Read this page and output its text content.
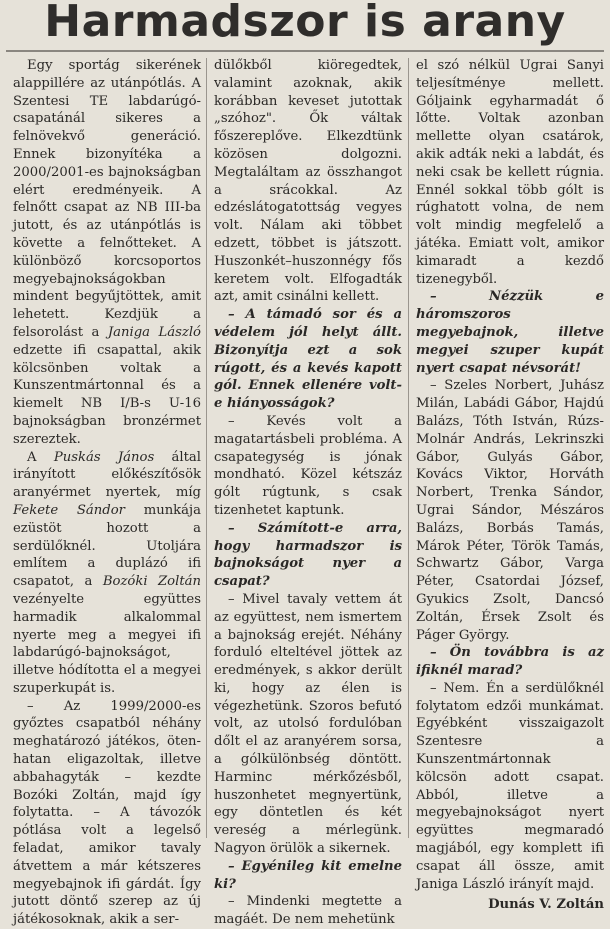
Harmadszor is arany

Egy sportág sikerének alappillére az utánpótlás. A Szentesi TE labdarúgó-csapatánál sikeres a felnövekvő generáció. Ennek bizonyítéka a 2000/2001-es bajnokságban elért eredményeik. A felnőtt csapat az NB III-ba jutott, és az utánpótlás is követte a felnőtteket. A különböző korcsoportos megyebajnokságokban mindent begyűjtöttek, amit lehetett. Kezdjük a felsorolást a Janiga László edzette ifi csapattal, akik kölcsönben voltak a Kunszentmártonnal és a kiemelt NB I/B-s U-16 bajnokságban bronzérmet szereztek.

A Puskás János által irányított előkészítősök aranyérmet nyertek, míg Fekete Sándor munkája ezüstöt hozott a serdülőknél. Utoljára említem a duplázó ifi csapatot, a Bozóki Zoltán vezényelte együttes harmadik alkalommal nyerte meg a megyei ifi labdarúgó-bajnokságot, illetve hódította el a megyei szuperkupát is.

– Az 1999/2000-es győztes csapatból néhány meghatározó játékos, öten-hatan eligazoltak, illetve abbahagyták – kezdte Bozóki Zoltán, majd így folytatta. – A távozók pótlása volt a legelső feladat, amikor tavaly átvettem a már kétszeres megyebajnok ifi gárdát. Így jutott döntő szerep az új játékosoknak, akik a ser-

dülőkből kiöregedtek, valamint azoknak, akik korábban keveset jutottak „szóhoz". Ők váltak főszereplőve. Elkezdtünk közösen dolgozni. Megtaláltam az összhangot a srácokkal. Az edzéslátogatottság vegyes volt. Nálam aki többet edzett, többet is játszott. Huszonkét–huszonnégy fős keretem volt. Elfogadták azt, amit csinálni kellett.

– A támadó sor és a védelem jól helyt állt. Bizonyítja ezt a sok rúgott, és a kevés kapott gól. Ennek ellenére volt-e hiányosságok?

– Kevés volt a magatartásbeli probléma. A csapategység is jónak mondható. Közel kétszáz gólt rúgtunk, s csak tizenhetet kaptunk.

– Számított-e arra, hogy harmadszor is bajnokságot nyer a csapat?

– Mivel tavaly vettem át az együttest, nem ismertem a bajnokság erejét. Néhány forduló elteltével jöttek az eredmények, s akkor derült ki, hogy az élen is végezhetünk. Szoros befutó volt, az utolsó fordulóban dőlt el az aranyérem sorsa, a gólkülönbség döntött. Harminc mérkőzésből, huszonhetet megnyertünk, egy döntetlen és két vereség a mérlegünk. Nagyon örülök a sikernek.

– Egyénileg kit emelne ki?

– Mindenki megtette a magáét. De nem mehetünk

el szó nélkül Ugrai Sanyi teljesítménye mellett. Góljaink egyharmadát ő lőtte. Voltak azonban mellette olyan csatárok, akik adták neki a labdát, és neki csak be kellett rúgnia. Ennél sokkal több gólt is rúghatott volna, de nem volt mindig megfelelő a játéka. Emiatt volt, amikor kimaradt a kezdő tizenegyből.

– Nézzük e háromszoros megyebajnok, illetve megyei szuper kupát nyert csapat névsorát!

– Szeles Norbert, Juhász Milán, Labádi Gábor, Hajdú Balázs, Tóth István, Rúzs-Molnár András, Lekrinszki Gábor, Gulyás Gábor, Kovács Viktor, Horváth Norbert, Trenka Sándor, Ugrai Sándor, Mészáros Balázs, Borbás Tamás, Márok Péter, Török Tamás, Schwartz Gábor, Varga Péter, Csatordai József, Gyukics Zsolt, Dancsó Zoltán, Érsek Zsolt és Páger György.

– Ön továbbra is az ifiknél marad?

– Nem. Én a serdülőknél folytatom edzői munkámat. Egyébként visszaigazolt Szentesre a Kunszentmártonnak kölcsön adott csapat. Abból, illetve a megyebajnokságot nyert együttes megmaradó magjából, egy komplett ifi csapat áll össze, amit Janiga László irányít majd.

Dunás V. Zoltán
